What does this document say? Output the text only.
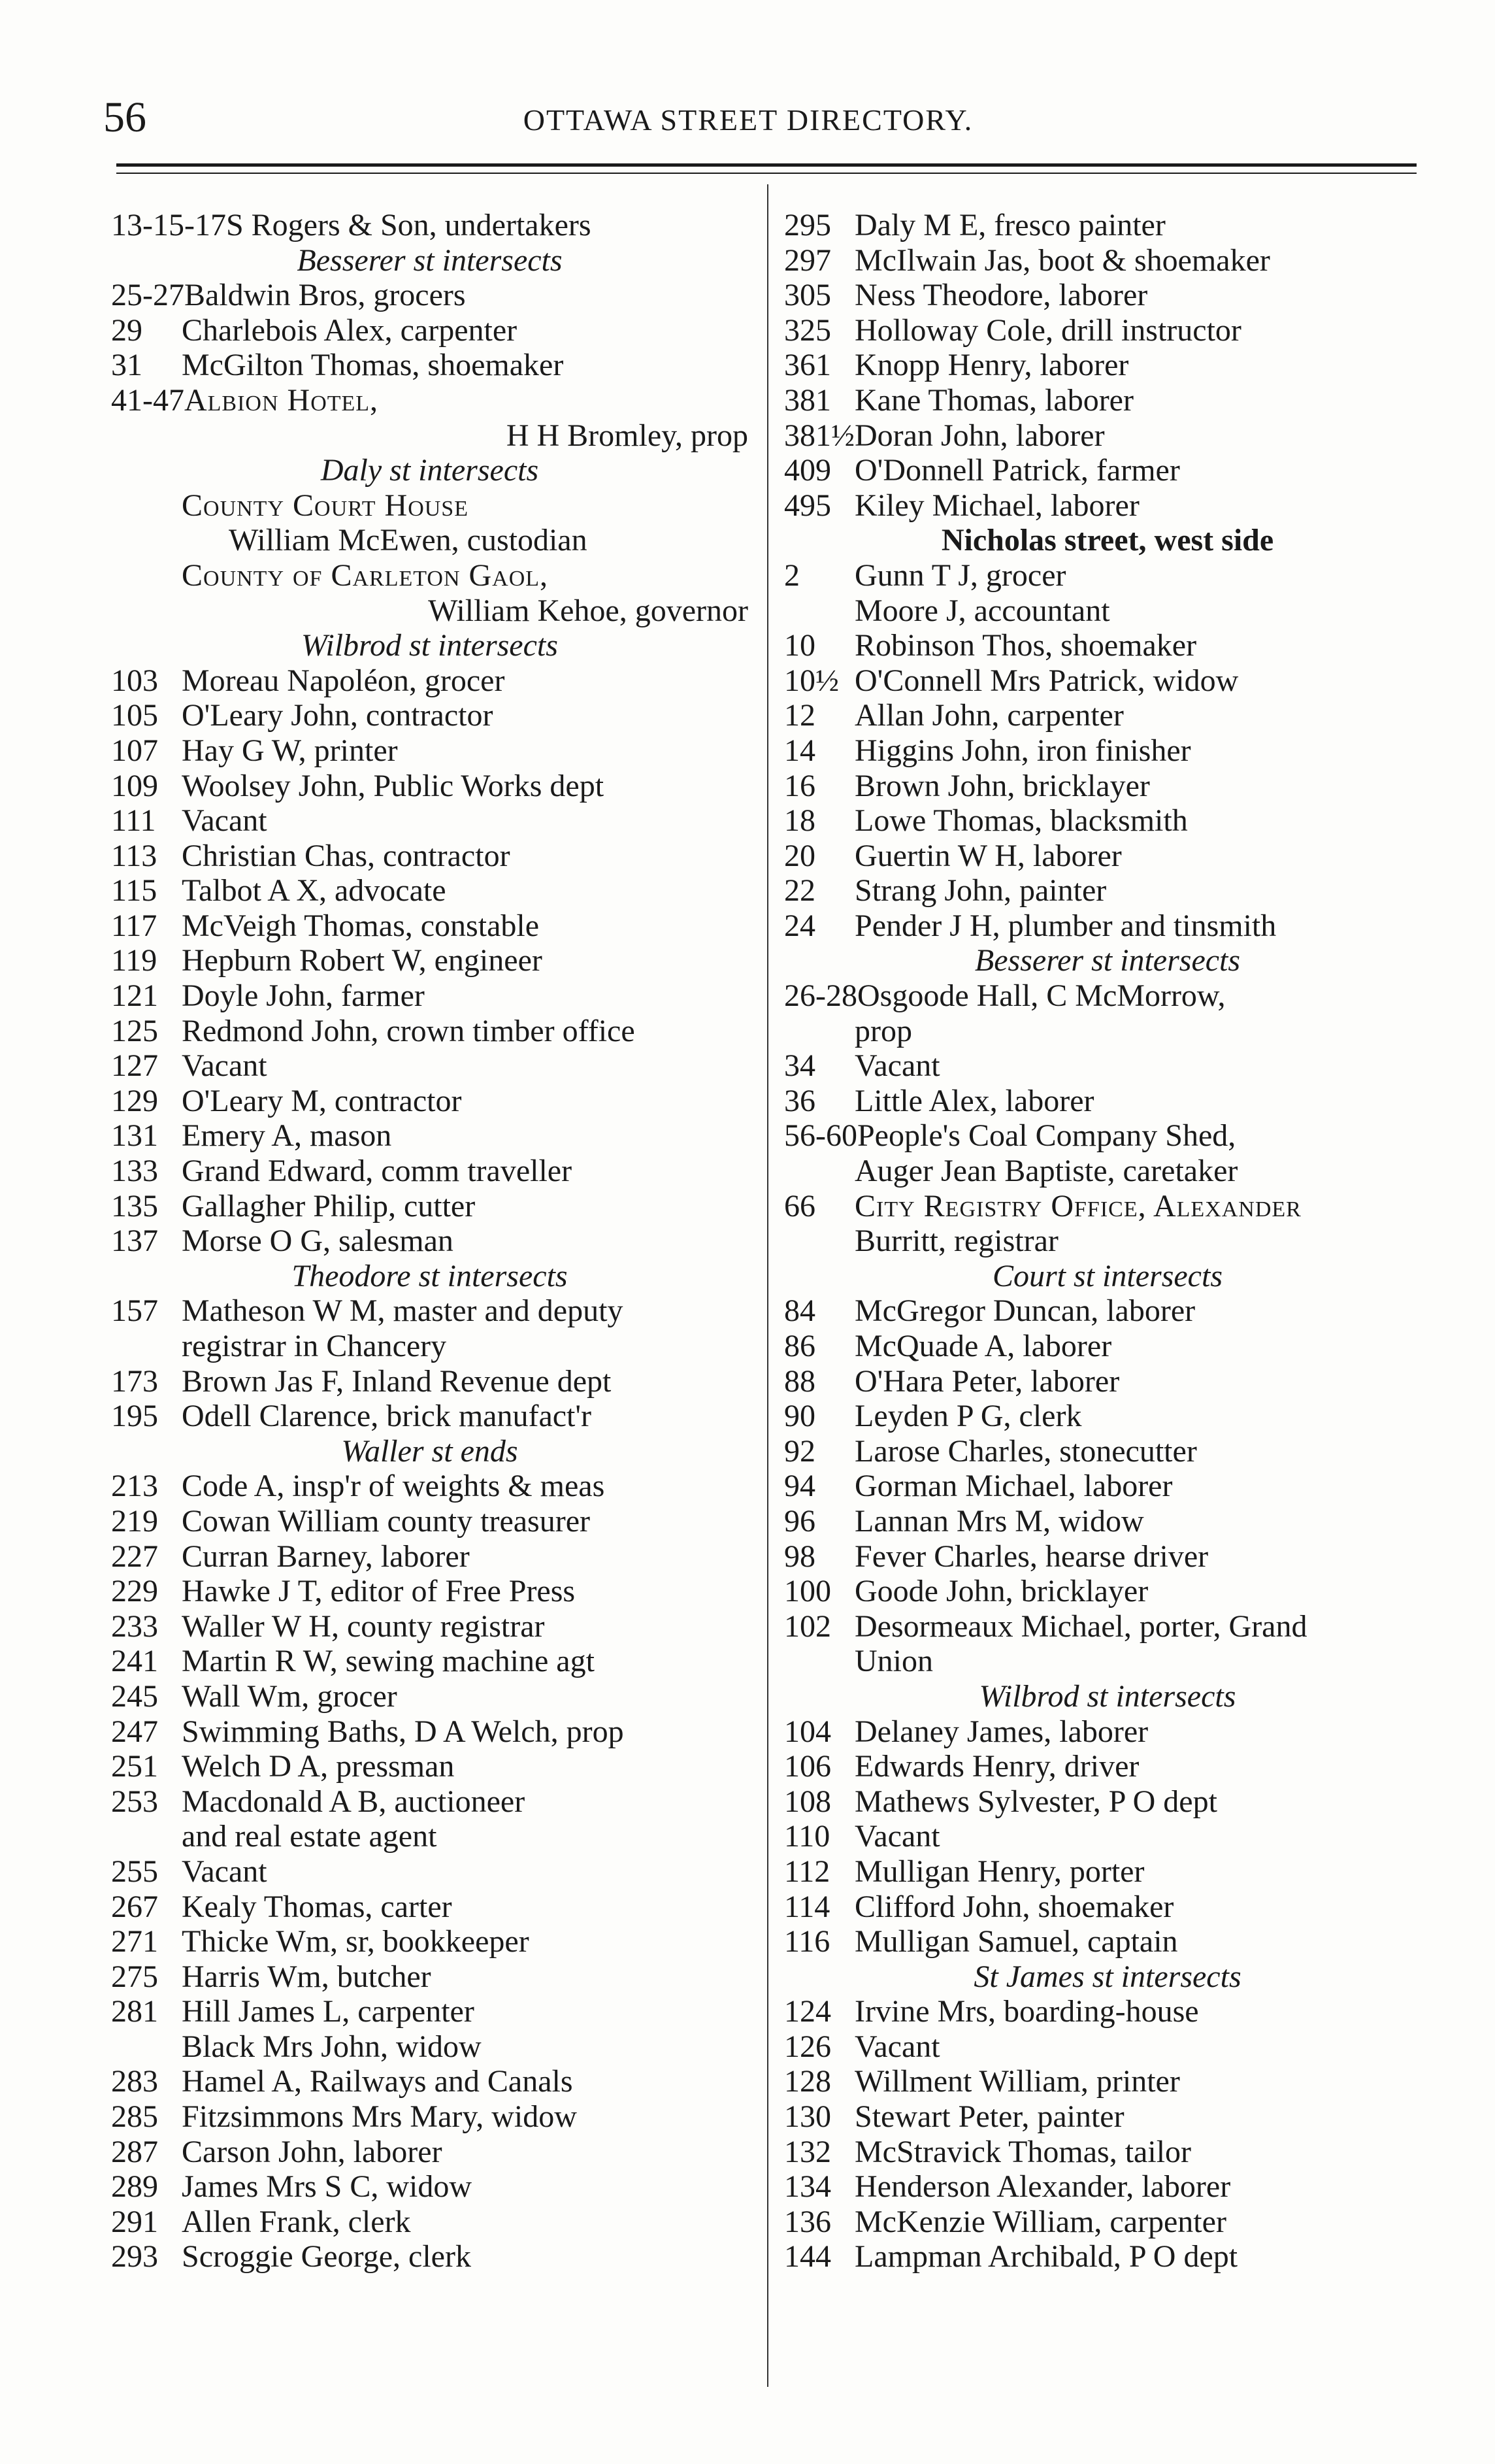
56	OTTAWA STREET DIRECTORY.
13-15-17 S Rogers & Son, undertakers
Besserer st intersects
25-27 Baldwin Bros, grocers
29	Charlebois Alex, carpenter
31	McGilton Thomas, shoemaker
41-47 Albion Hotel,
H H Bromley, prop
Daly st intersects
County Court House
William McEwen, custodian
County of Carleton Gaol,
William Kehoe, governor
Wilbrod st intersects
103 Moreau Napoléon, grocer
105 O'Leary John, contractor
107 Hay G W, printer
109 Woolsey John, Public Works dept
111 Vacant
113 Christian Chas, contractor
115 Talbot A X, advocate
117 McVeigh Thomas, constable
119 Hepburn Robert W, engineer
121 Doyle John, farmer
125 Redmond John, crown timber office
127 Vacant
129 O'Leary M, contractor
131 Emery A, mason
133 Grand Edward, comm traveller
135 Gallagher Philip, cutter
137 Morse O G, salesman
Theodore st intersects
157 Matheson W M, master and deputy
registrar in Chancery
173 Brown Jas F, Inland Revenue dept
195 Odell Clarence, brick manufact'r
Waller st ends
213 Code A, insp'r of weights & meas
219 Cowan William county treasurer
227 Curran Barney, laborer
229 Hawke J T, editor of Free Press
233 Waller W H, county registrar
241 Martin R W, sewing machine agt
245 Wall Wm, grocer
247 Swimming Baths, D A Welch, prop
251 Welch D A, pressman
253 Macdonald A B, auctioneer
and real estate agent
255 Vacant
267 Kealy Thomas, carter
271 Thicke Wm, sr, bookkeeper
275 Harris Wm, butcher
281 Hill James L, carpenter
Black Mrs John, widow
283 Hamel A, Railways and Canals
285 Fitzsimmons Mrs Mary, widow
287 Carson John, laborer
289 James Mrs S C, widow
291 Allen Frank, clerk
293 Scroggie George, clerk
295 Daly M E, fresco painter
297 McIlwain Jas, boot & shoemaker
305 Ness Theodore, laborer
325 Holloway Cole, drill instructor
361 Knopp Henry, laborer
381 Kane Thomas, laborer
381½ Doran John, laborer
409 O'Donnell Patrick, farmer
495 Kiley Michael, laborer
Nicholas street, west side
2	Gunn T J, grocer
Moore J, accountant
10	Robinson Thos, shoemaker
10½ O'Connell Mrs Patrick, widow
12	Allan John, carpenter
14	Higgins John, iron finisher
16	Brown John, bricklayer
18	Lowe Thomas, blacksmith
20	Guertin W H, laborer
22	Strang John, painter
24	Pender J H, plumber and tinsmith
Besserer st intersects
26-28 Osgoode Hall, C McMorrow,
prop
34	Vacant
36	Little Alex, laborer
56-60 People's Coal Company Shed,
Auger Jean Baptiste, caretaker
66	City Registry Office, Alexander
Burritt, registrar
Court st intersects
84	McGregor Duncan, laborer
86	McQuade A, laborer
88	O'Hara Peter, laborer
90	Leyden P G, clerk
92	Larose Charles, stonecutter
94	Gorman Michael, laborer
96	Lannan Mrs M, widow
98	Fever Charles, hearse driver
100 Goode John, bricklayer
102 Desormeaux Michael, porter, Grand
Union
Wilbrod st intersects
104 Delaney James, laborer
106 Edwards Henry, driver
108 Mathews Sylvester, P O dept
110 Vacant
112 Mulligan Henry, porter
114 Clifford John, shoemaker
116 Mulligan Samuel, captain
St James st intersects
124 Irvine Mrs, boarding-house
126 Vacant
128 Willment William, printer
130 Stewart Peter, painter
132 McStravick Thomas, tailor
134 Henderson Alexander, laborer
136 McKenzie William, carpenter
144 Lampman Archibald, P O dept
